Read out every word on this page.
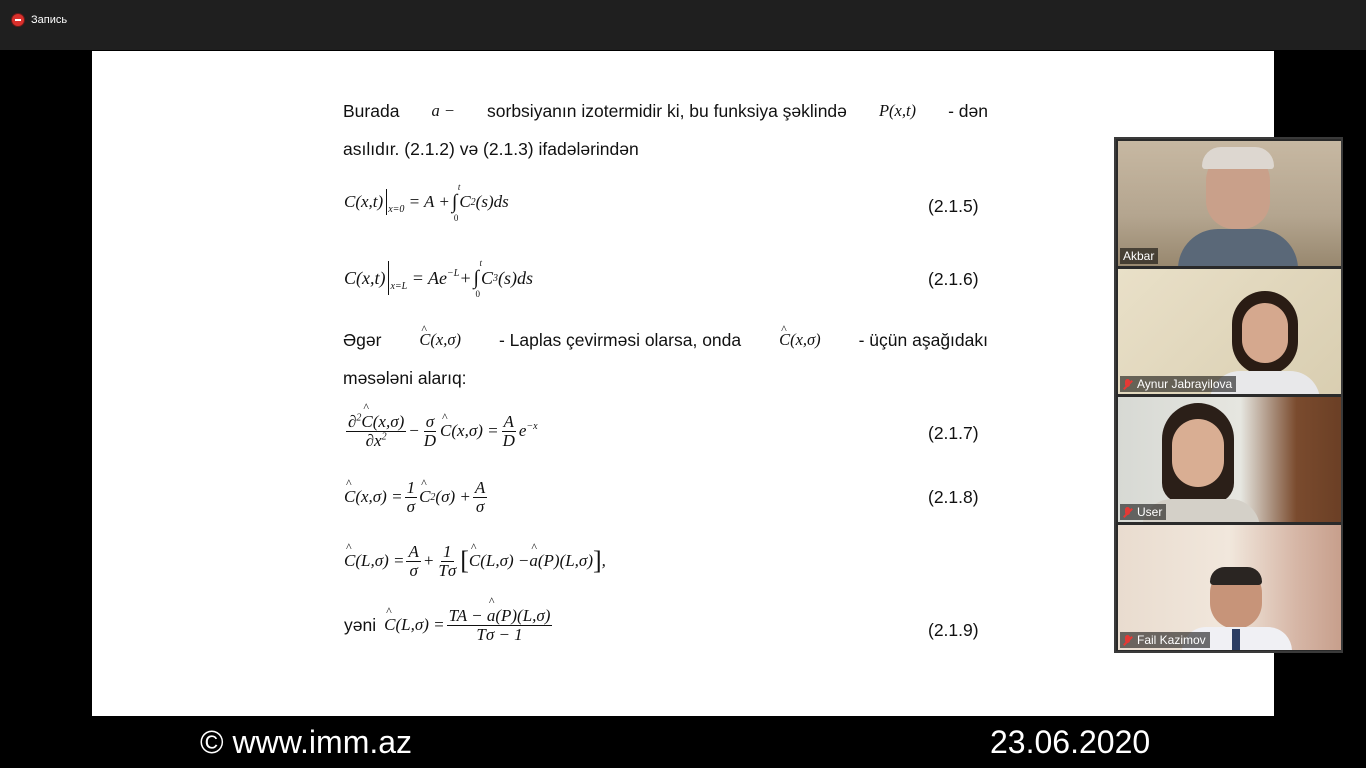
Запись
Burada a − sorbsiyanın izotermidir ki, bu funksiya şəklində P(x,t) - dən
asılıdır. (2.1.2) və (2.1.3) ifadələrindən
C(x,t) $_{x=0}$ = A + ∫
t
0
C 2 (s)ds	(2.1.5)
C(x,t) $_{x=L}$ = Ae −L + ∫
t
0
C 3 (s)ds	(2.1.6)
Əgər ^ C(x,σ) - Laplas çevirməsi olarsa, onda ^ C(x,σ) - üçün aşağıdakı
məsələni alarıq:
$\frac{\partial^2\^{} C(x,\sigma)}{\partial x^2} - \frac{\sigma}{D}$ ^ C $(x,\sigma) = \frac{A}{D} e^{-x}$	(2.1.7)
^ C $(x,\sigma) = \frac{1}{\sigma}$ ^ C 2 $(\sigma) + \frac{A}{\sigma}$	(2.1.8)
^ C $(L,\sigma) = \frac{A}{\sigma} + \frac{1}{T\sigma}$ [ ^ C (L,σ) − ^ a (P)(L,σ) ] ,
yəni ^ $C(L,\sigma) = \frac{TA - \^{} a(P)(L,\sigma)}{T\sigma - 1}$	(2.1.9)
Akbar
Aynur Jabrayilova
User
Fail Kazimov
© www.imm.az	23.06.2020
